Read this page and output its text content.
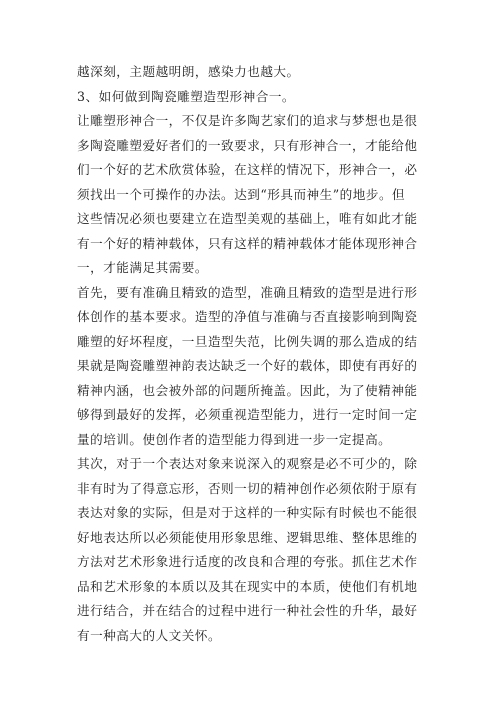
越深刻，主题越明朗，感染力也越大。
3、如何做到陶瓷雕塑造型形神合一。
让雕塑形神合一，不仅是许多陶艺家们的追求与梦想也是很
多陶瓷雕塑爱好者们的一致要求，只有形神合一，才能给他
们一个好的艺术欣赏体验，在这样的情况下，形神合一，必
须找出一个可操作的办法。达到“形具而神生”的地步。但
这些情况必须也要建立在造型美观的基础上，唯有如此才能
有一个好的精神载体，只有这样的精神载体才能体现形神合
一，才能满足其需要。
首先，要有准确且精致的造型，准确且精致的造型是进行形
体创作的基本要求。造型的净值与准确与否直接影响到陶瓷
雕塑的好坏程度，一旦造型失范，比例失调的那么造成的结
果就是陶瓷雕塑神韵表达缺乏一个好的载体，即使有再好的
精神内涵，也会被外部的问题所掩盖。因此，为了使精神能
够得到最好的发挥，必须重视造型能力，进行一定时间一定
量的培训。使创作者的造型能力得到进一步一定提高。
其次，对于一个表达对象来说深入的观察是必不可少的，除
非有时为了得意忘形，否则一切的精神创作必须依附于原有
表达对象的实际，但是对于这样的一种实际有时候也不能很
好地表达所以必须能使用形象思维、逻辑思维、整体思维的
方法对艺术形象进行适度的改良和合理的夸张。抓住艺术作
品和艺术形象的本质以及其在现实中的本质，使他们有机地
进行结合，并在结合的过程中进行一种社会性的升华，最好
有一种高大的人文关怀。
